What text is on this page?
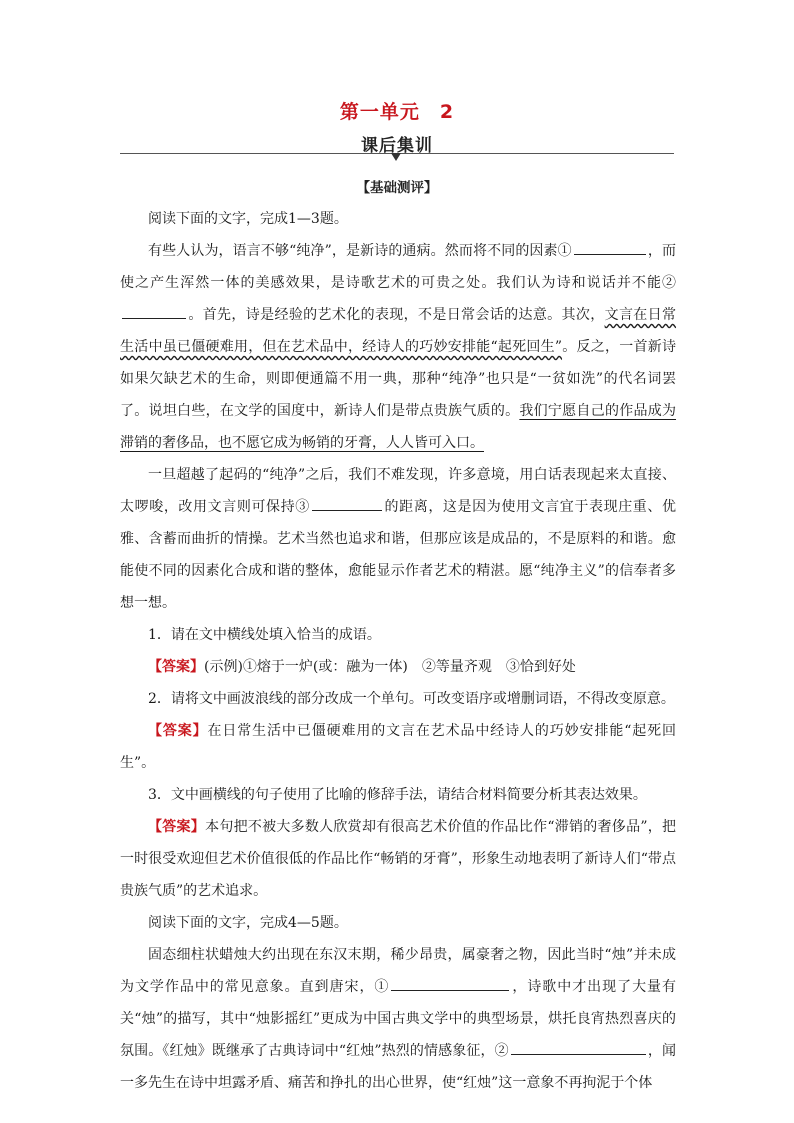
第一单元　2
课后集训
【基础测评】

阅读下面的文字，完成1—3题。

有些人认为，语言不够“纯净”，是新诗的通病。然而将不同的因素①	，而使之产生浑然一体的美感效果，是诗歌艺术的可贵之处。我们认为诗和说话并不能②。首先，诗是经验的艺术化的表现，不是日常会话的达意。其次，文言在日常生活中虽已僵硬难用，但在艺术品中，经诗人的巧妙安排能“起死回生”。反之，一首新诗如果欠缺艺术的生命，则即便通篇不用一典，那种“纯净”也只是“一贫如洗”的代名词罢了。说坦白些，在文学的国度中，新诗人们是带点贵族气质的。我们宁愿自己的作品成为滞销的奢侈品，也不愿它成为畅销的牙膏，人人皆可入口。

一旦超越了起码的“纯净”之后，我们不难发现，许多意境，用白话表现起来太直接、太啰唆，改用文言则可保持③	的距离，这是因为使用文言宜于表现庄重、优雅、含蓄而曲折的情操。艺术当然也追求和谐，但那应该是成品的，不是原料的和谐。愈能使不同的因素化合成和谐的整体，愈能显示作者艺术的精湛。愿“纯净主义”的信奉者多想一想。

1．请在文中横线处填入恰当的成语。

【答案】(示例)①熔于一炉(或：融为一体)　②等量齐观　③恰到好处

2．请将文中画波浪线的部分改成一个单句。可改变语序或增删词语，不得改变原意。

【答案】在日常生活中已僵硬难用的文言在艺术品中经诗人的巧妙安排能“起死回生”。

3．文中画横线的句子使用了比喻的修辞手法，请结合材料简要分析其表达效果。

【答案】本句把不被大多数人欣赏却有很高艺术价值的作品比作“滞销的奢侈品”，把一时很受欢迎但艺术价值很低的作品比作“畅销的牙膏”，形象生动地表明了新诗人们“带点贵族气质”的艺术追求。

阅读下面的文字，完成4—5题。

固态细柱状蜡烛大约出现在东汉末期，稀少昂贵，属豪奢之物，因此当时“烛”并未成为文学作品中的常见意象。直到唐宋，①	，诗歌中才出现了大量有关“烛”的描写，其中“烛影摇红”更成为中国古典文学中的典型场景，烘托良宵热烈喜庆的氛围。《红烛》既继承了古典诗词中“红烛”热烈的情感象征，②	，闻一多先生在诗中坦露矛盾、痛苦和挣扎的出心世界，使“红烛”这一意象不再拘泥于个体
